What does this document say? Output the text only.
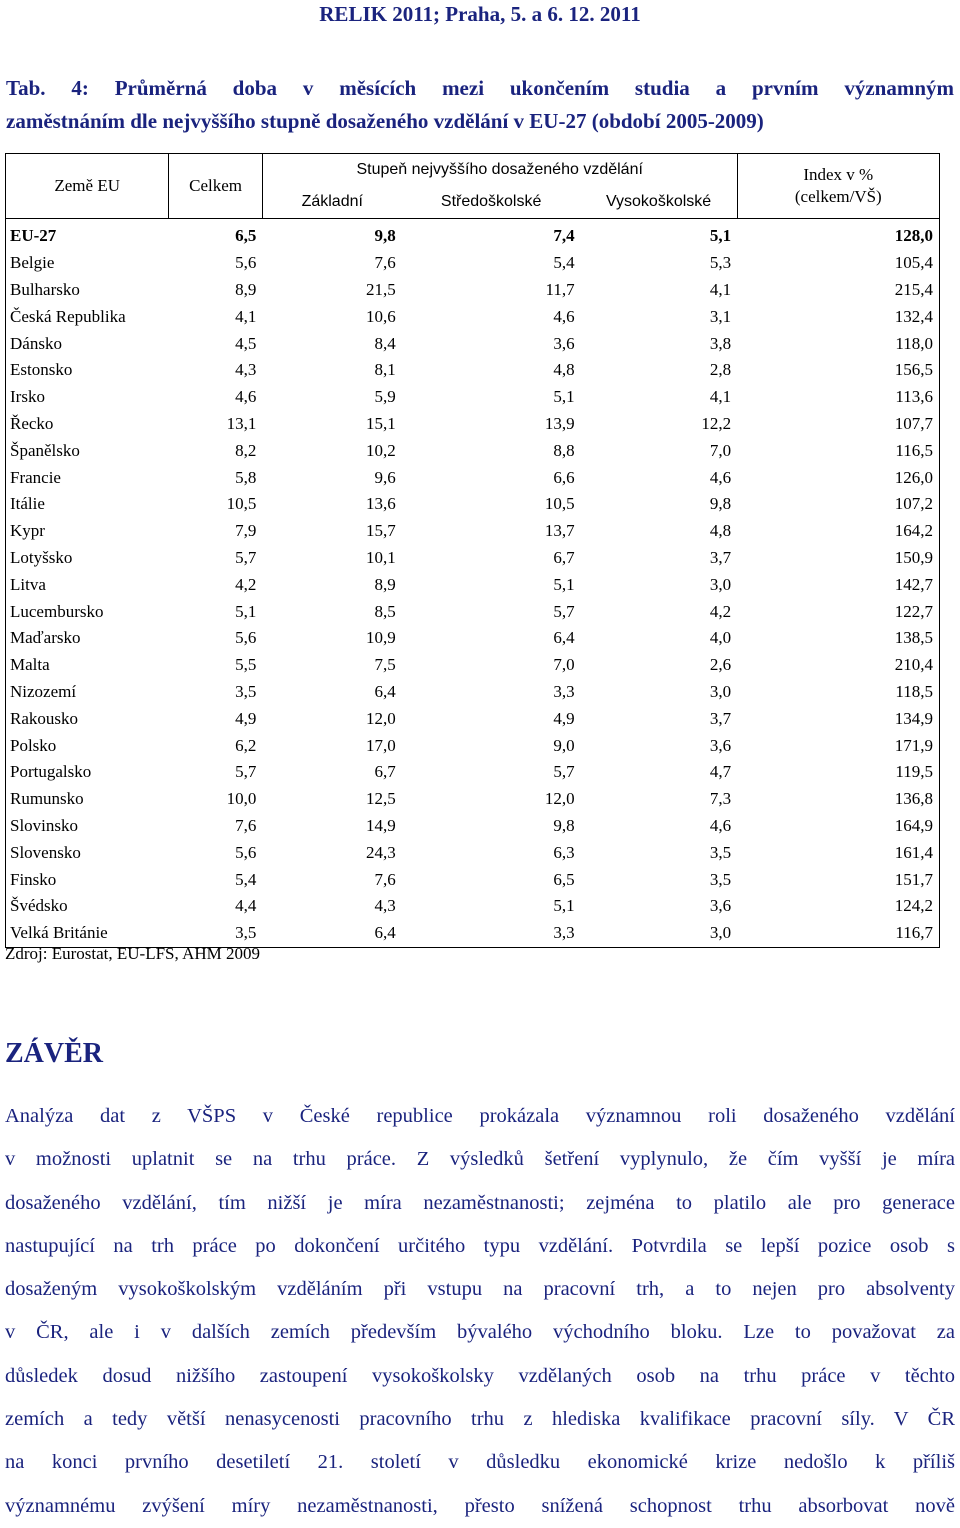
RELIK 2011; Praha, 5. a 6. 12. 2011
Tab. 4: Průměrná doba v měsících mezi ukončením studia a prvním významným
zaměstnáním dle nejvyššího stupně dosaženého vzdělání v EU-27 (období 2005-2009)
Země EU	Celkem	Stupeň nejvyššího dosaženého vzdělání			Index v %
(celkem/VŠ)
		Základní	Středoškolské	Vysokoškolské	
EU-27	6,5	9,8	7,4	5,1	128,0
Belgie	5,6	7,6	5,4	5,3	105,4
Bulharsko	8,9	21,5	11,7	4,1	215,4
Česká Republika	4,1	10,6	4,6	3,1	132,4
Dánsko	4,5	8,4	3,6	3,8	118,0
Estonsko	4,3	8,1	4,8	2,8	156,5
Irsko	4,6	5,9	5,1	4,1	113,6
Řecko	13,1	15,1	13,9	12,2	107,7
Španělsko	8,2	10,2	8,8	7,0	116,5
Francie	5,8	9,6	6,6	4,6	126,0
Itálie	10,5	13,6	10,5	9,8	107,2
Kypr	7,9	15,7	13,7	4,8	164,2
Lotyšsko	5,7	10,1	6,7	3,7	150,9
Litva	4,2	8,9	5,1	3,0	142,7
Lucembursko	5,1	8,5	5,7	4,2	122,7
Maďarsko	5,6	10,9	6,4	4,0	138,5
Malta	5,5	7,5	7,0	2,6	210,4
Nizozemí	3,5	6,4	3,3	3,0	118,5
Rakousko	4,9	12,0	4,9	3,7	134,9
Polsko	6,2	17,0	9,0	3,6	171,9
Portugalsko	5,7	6,7	5,7	4,7	119,5
Rumunsko	10,0	12,5	12,0	7,3	136,8
Slovinsko	7,6	14,9	9,8	4,6	164,9
Slovensko	5,6	24,3	6,3	3,5	161,4
Finsko	5,4	7,6	6,5	3,5	151,7
Švédsko	4,4	4,3	5,1	3,6	124,2
Velká Británie	3,5	6,4	3,3	3,0	116,7
Zdroj: Eurostat, EU-LFS, AHM 2009
ZÁVĚR
Analýza dat z VŠPS v České republice prokázala významnou roli dosaženého vzdělání
v možnosti uplatnit se na trhu práce. Z výsledků šetření vyplynulo, že čím vyšší je míra
dosaženého vzdělání, tím nižší je míra nezaměstnanosti; zejména to platilo ale pro generace
nastupující na trh práce po dokončení určitého typu vzdělání. Potvrdila se lepší pozice osob s
dosaženým vysokoškolským vzděláním při vstupu na pracovní trh, a to nejen pro absolventy
v ČR, ale i v dalších zemích především bývalého východního bloku. Lze to považovat za
důsledek dosud nižšího zastoupení vysokoškolsky vzdělaných osob na trhu práce v těchto
zemích a tedy větší nenasycenosti pracovního trhu z hlediska kvalifikace pracovní síly. V ČR
na konci prvního desetiletí 21. století v důsledku ekonomické krize nedošlo k příliš
významnému zvýšení míry nezaměstnanosti, přesto snížená schopnost trhu absorbovat nově
